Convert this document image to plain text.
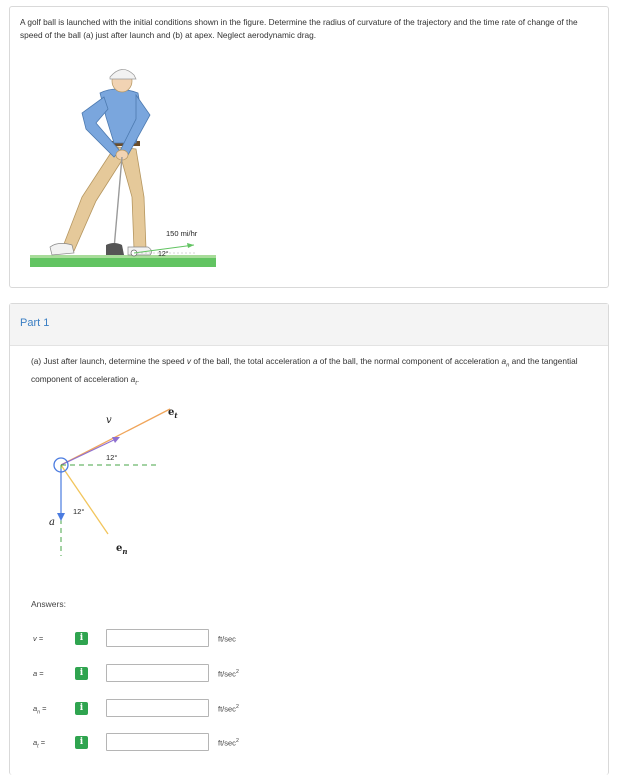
A golf ball is launched with the initial conditions shown in the figure. Determine the radius of curvature of the trajectory and the time rate of change of the speed of the ball (a) just after launch and (b) at apex. Neglect aerodynamic drag.
150 mi/hr
12°
Part 1
(a) Just after launch, determine the speed v of the ball, the total acceleration a of the ball, the normal component of acceleration $a_n$ and the tangential component of acceleration $a_t$.
v
$e_t$
12°
12°
a
$e_n$
Answers:
v =	i	ft/sec
a =	i	$ft/\sec^2$
$a_n$ =	i	$ft/\sec^2$
$a_t$ =	i	$ft/\sec^2$
